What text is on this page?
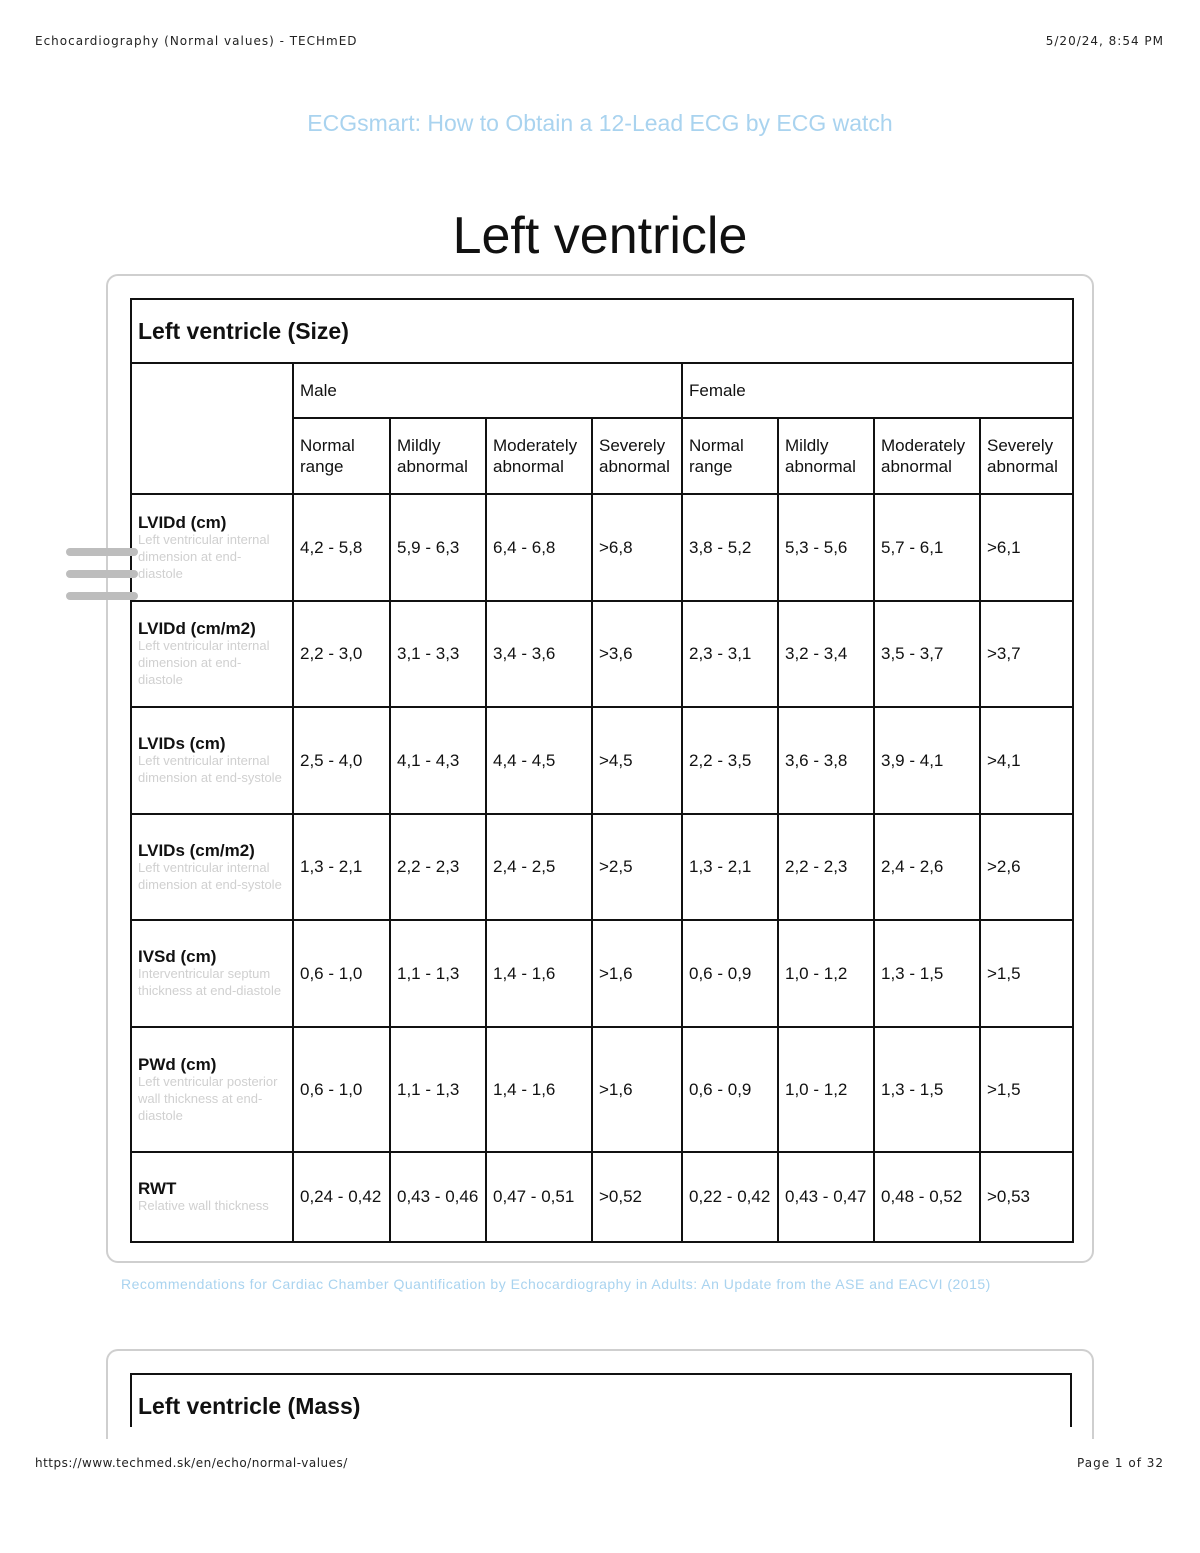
Echocardiography (Normal values) - TECHmED	5/20/24, 8:54 PM
ECGsmart: How to Obtain a 12-Lead ECG by ECG watch
Left ventricle
Left ventricle (Size)								
	Male				Female			
	Normal range	Mildly abnormal	Moderately abnormal	Severely abnormal	Normal range	Mildly abnormal	Moderately abnormal	Severely abnormal

LVIDd (cm)
Left ventricular internal dimension at end-diastole	4,2 - 5,8	5,9 - 6,3	6,4 - 6,8	>6,8	3,8 - 5,2	5,3 - 5,6	5,7 - 6,1	>6,1

LVIDd (cm/m2)
Left ventricular internal dimension at end-diastole	2,2 - 3,0	3,1 - 3,3	3,4 - 3,6	>3,6	2,3 - 3,1	3,2 - 3,4	3,5 - 3,7	>3,7

LVIDs (cm)
Left ventricular internal dimension at end-systole	2,5 - 4,0	4,1 - 4,3	4,4 - 4,5	>4,5	2,2 - 3,5	3,6 - 3,8	3,9 - 4,1	>4,1

LVIDs (cm/m2)
Left ventricular internal dimension at end-systole	1,3 - 2,1	2,2 - 2,3	2,4 - 2,5	>2,5	1,3 - 2,1	2,2 - 2,3	2,4 - 2,6	>2,6

IVSd (cm)
Interventricular septum thickness at end-diastole	0,6 - 1,0	1,1 - 1,3	1,4 - 1,6	>1,6	0,6 - 0,9	1,0 - 1,2	1,3 - 1,5	>1,5

PWd (cm)
Left ventricular posterior wall thickness at end-diastole	0,6 - 1,0	1,1 - 1,3	1,4 - 1,6	>1,6	0,6 - 0,9	1,0 - 1,2	1,3 - 1,5	>1,5

RWT
Relative wall thickness	0,24 - 0,42	0,43 - 0,46	0,47 - 0,51	>0,52	0,22 - 0,42	0,43 - 0,47	0,48 - 0,52	>0,53
Recommendations for Cardiac Chamber Quantification by Echocardiography in Adults: An Update from the ASE and EACVI (2015)
Left ventricle (Mass)
https://www.techmed.sk/en/echo/normal-values/	Page 1 of 32
